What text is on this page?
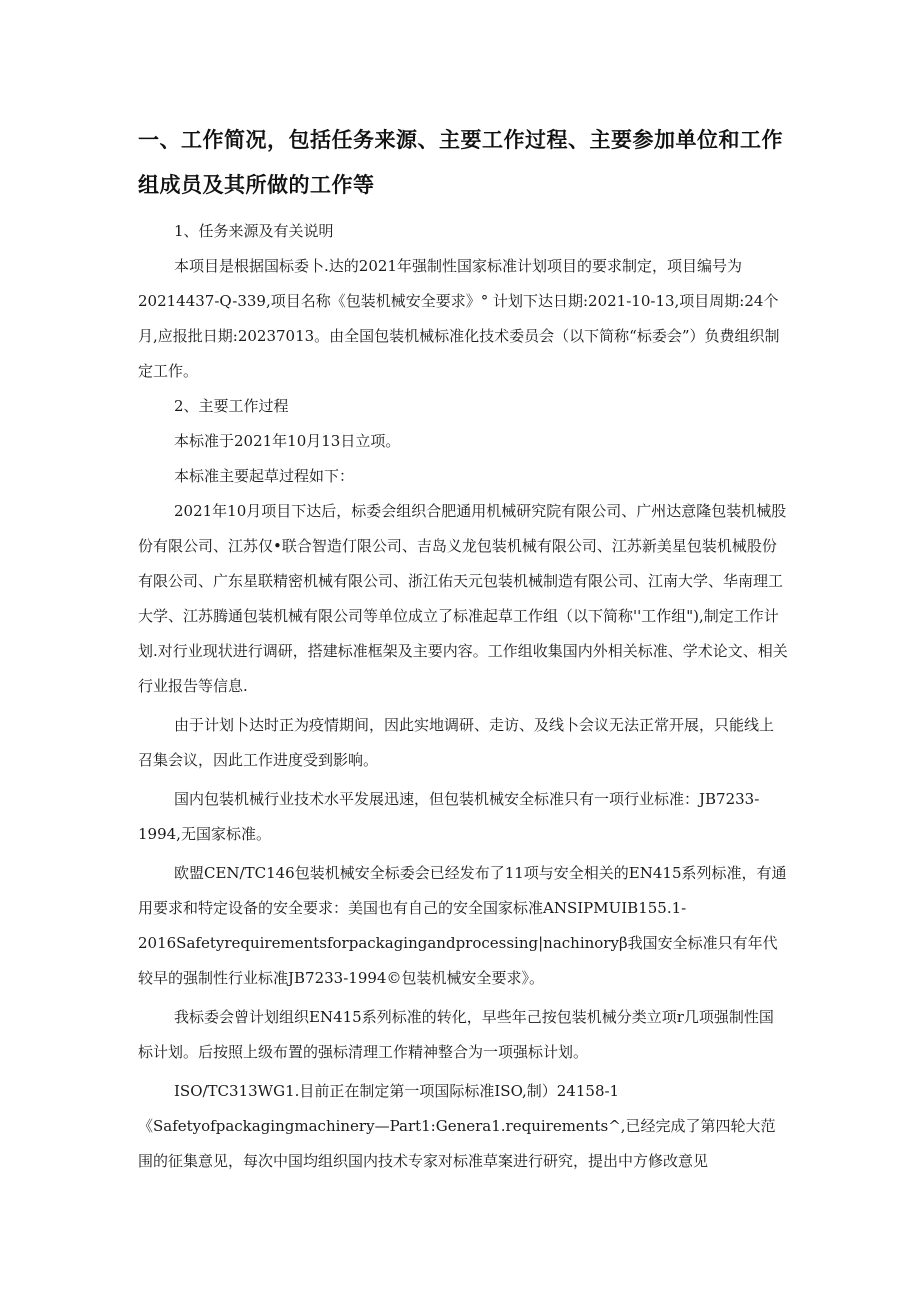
一、工作简况，包括任务来源、主要工作过程、主要参加单位和工作组成员及其所做的工作等

1、任务来源及有关说明

本项目是根据国标委卜.达的2021年强制性国家标准计划项目的要求制定，项目编号为20214437-Q-339,项目名称《包装机械安全要求》° 计划下达日期:2021-10-13,项目周期:24个月,应报批日期:20237013。由全国包装机械标准化技术委员会（以下简称“标委会”）负费组织制定工作。

2、主要工作过程

本标准于2021年10月13日立项。

本标准主要起草过程如下：

2021年10月项目下达后，标委会组织合肥通用机械研究院有限公司、广州达意隆包装机械股份有限公司、江苏仅•联合智造仃限公司、吉岛义龙包装机械有限公司、江苏新美星包装机械股份有限公司、广东星联精密机械有限公司、浙江佑天元包装机械制造有限公司、江南大学、华南理工大学、江苏腾通包装机械有限公司等单位成立了标准起草工作组（以下简称''工作组"),制定工作计划.对行业现状进行调研，搭建标准框架及主要内容。工作组收集国内外相关标准、学术论文、相关行业报告等信息.

由于计划卜达时正为疫情期间，因此实地调研、走访、及线卜会议无法正常开展，只能线上召集会议，因此工作进度受到影响。

国内包装机械行业技术水平发展迅速，但包装机械安全标准只有一项行业标准：JB7233-1994,无国家标准。

欧盟CEN/TC146包装机械安全标委会已经发布了11项与安全相关的EN415系列标准，有通用要求和特定设备的安全要求：美国也有自己的安全国家标准ANSIPMUIB155.1-2016Safetyrequirementsforpackagingandprocessing|nachinoryβ我国安全标准只有年代较早的强制性行业标准JB7233-1994©包装机械安全要求》。

我标委会曾计划组织EN415系列标准的转化，早些年己按包装机械分类立项r几项强制性国标计划。后按照上级布置的强标清理工作精神整合为一项强标计划。

ISO/TC313WG1.目前正在制定第一项国际标准ISO,制）24158-1《Safetyofpackagingmachinery—Part1:Genera1.requirements^,已经完成了第四轮大范围的征集意见，每次中国均组织国内技术专家对标准草案进行研究，提出中方修改意见
